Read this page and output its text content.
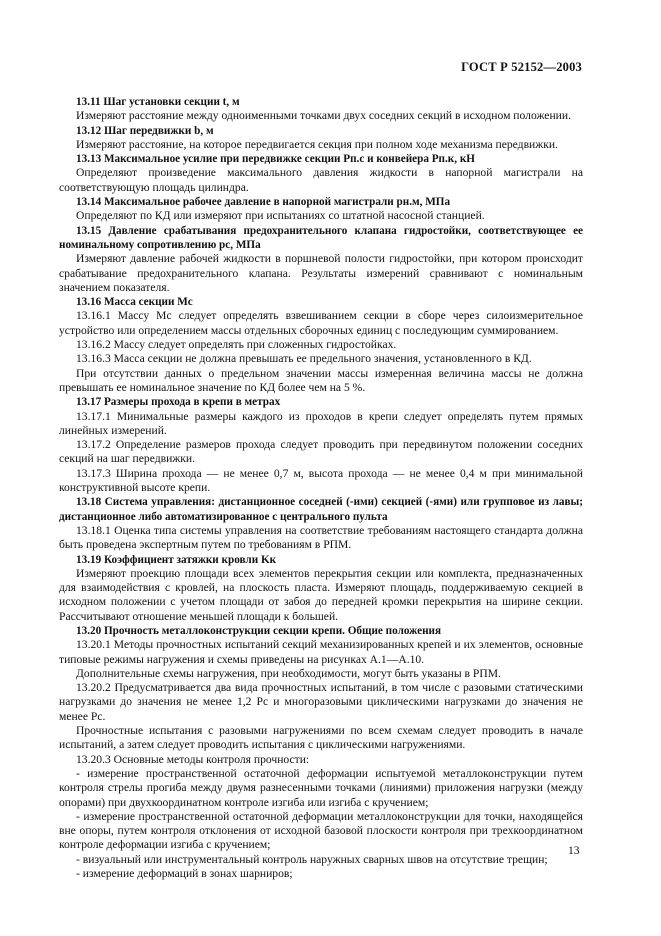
ГОСТ Р 52152—2003

13.11 Шаг установки секции t, м

Измеряют расстояние между одноименными точками двух соседних секций в исходном положении.

13.12 Шаг передвижки b, м

Измеряют расстояние, на которое передвигается секция при полном ходе механизма передвижки.

13.13 Максимальное усилие при передвижке секции Pп.с и конвейера Pп.к, кН

Определяют произведение максимального давления жидкости в напорной магистрали на соответствующую площадь цилиндра.

13.14 Максимальное рабочее давление в напорной магистрали pн.м, МПа

Определяют по КД или измеряют при испытаниях со штатной насосной станцией.

13.15 Давление срабатывания предохранительного клапана гидростойки, соответствующее ее номинальному сопротивлению pс, МПа

Измеряют давление рабочей жидкости в поршневой полости гидростойки, при котором происходит срабатывание предохранительного клапана. Результаты измерений сравнивают с номинальным значением показателя.

13.16 Масса секции Mс

13.16.1 Массу Mс следует определять взвешиванием секции в сборе через силоизмерительное устройство или определением массы отдельных сборочных единиц с последующим суммированием.

13.16.2 Массу следует определять при сложенных гидростойках.

13.16.3 Масса секции не должна превышать ее предельного значения, установленного в КД.

При отсутствии данных о предельном значении массы измеренная величина массы не должна превышать ее номинальное значение по КД более чем на 5 %.

13.17 Размеры прохода в крепи в метрах

13.17.1 Минимальные размеры каждого из проходов в крепи следует определять путем прямых линейных измерений.

13.17.2 Определение размеров прохода следует проводить при передвинутом положении соседних секций на шаг передвижки.

13.17.3 Ширина прохода — не менее 0,7 м, высота прохода — не менее 0,4 м при минимальной конструктивной высоте крепи.

13.18 Система управления: дистанционное соседней (-ими) секцией (-ями) или групповое из лавы; дистанционное либо автоматизированное с центрального пульта

13.18.1 Оценка типа системы управления на соответствие требованиям настоящего стандарта должна быть проведена экспертным путем по требованиям в РПМ.

13.19 Коэффициент затяжки кровли Kк

Измеряют проекцию площади всех элементов перекрытия секции или комплекта, предназначенных для взаимодействия с кровлей, на плоскость пласта. Измеряют площадь, поддерживаемую секцией в исходном положении с учетом площади от забоя до передней кромки перекрытия на ширине секции. Рассчитывают отношение меньшей площади к большей.

13.20 Прочность металлоконструкции секции крепи. Общие положения

13.20.1 Методы прочностных испытаний секций механизированных крепей и их элементов, основные типовые режимы нагружения и схемы приведены на рисунках А.1—А.10.

Дополнительные схемы нагружения, при необходимости, могут быть указаны в РПМ.

13.20.2 Предусматривается два вида прочностных испытаний, в том числе с разовыми статическими нагрузками до значения не менее 1,2 Pс и многоразовыми циклическими нагрузками до значения не менее Pс.

Прочностные испытания с разовыми нагружениями по всем схемам следует проводить в начале испытаний, а затем следует проводить испытания с циклическими нагружениями.

13.20.3 Основные методы контроля прочности:

- измерение пространственной остаточной деформации испытуемой металлоконструкции путем контроля стрелы прогиба между двумя разнесенными точками (линиями) приложения нагрузки (между опорами) при двухкоординатном контроле изгиба или изгиба с кручением;

- измерение пространственной остаточной деформации металлоконструкции для точки, находящейся вне опоры, путем контроля отклонения от исходной базовой плоскости контроля при трехкоординатном контроле деформации изгиба с кручением;

- визуальный или инструментальный контроль наружных сварных швов на отсутствие трещин;

- измерение деформаций в зонах шарниров;

13
